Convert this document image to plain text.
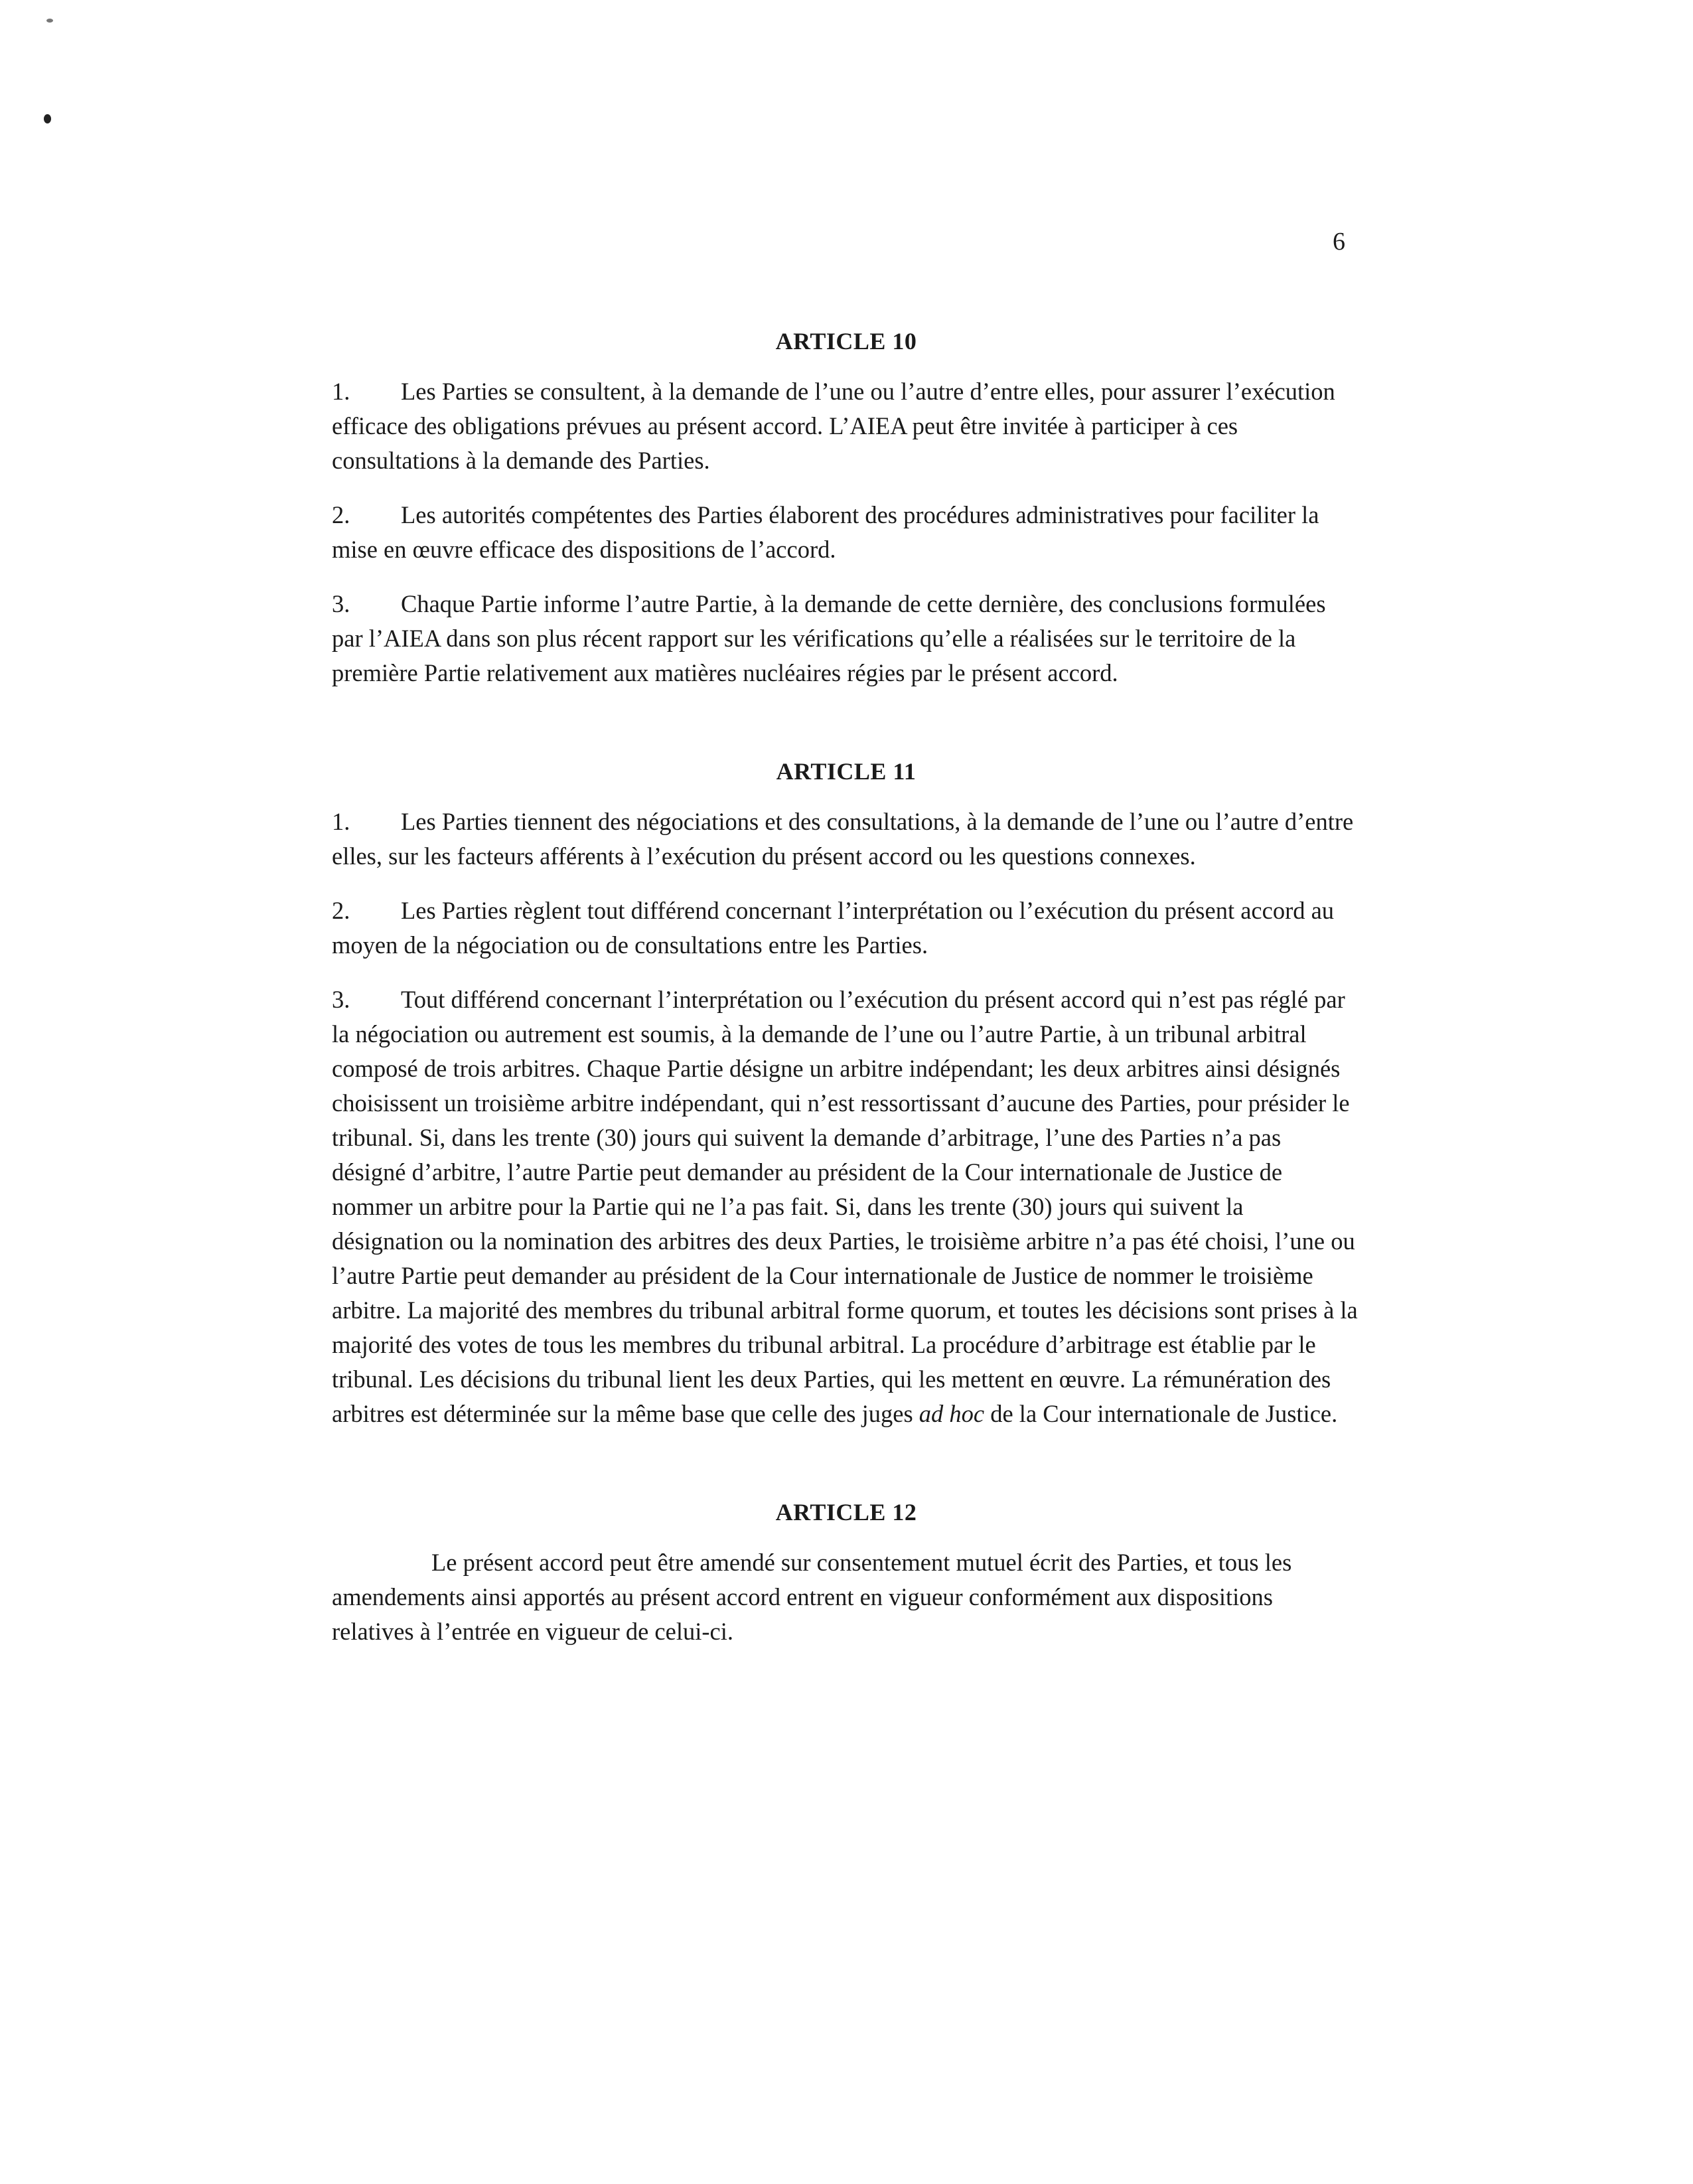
6
ARTICLE 10

1. Les Parties se consultent, à la demande de l’une ou l’autre d’entre elles, pour assurer l’exécution efficace des obligations prévues au présent accord. L’AIEA peut être invitée à participer à ces consultations à la demande des Parties.

2. Les autorités compétentes des Parties élaborent des procédures administratives pour faciliter la mise en œuvre efficace des dispositions de l’accord.

3. Chaque Partie informe l’autre Partie, à la demande de cette dernière, des conclusions formulées par l’AIEA dans son plus récent rapport sur les vérifications qu’elle a réalisées sur le territoire de la première Partie relativement aux matières nucléaires régies par le présent accord.

ARTICLE 11

1. Les Parties tiennent des négociations et des consultations, à la demande de l’une ou l’autre d’entre elles, sur les facteurs afférents à l’exécution du présent accord ou les questions connexes.

2. Les Parties règlent tout différend concernant l’interprétation ou l’exécution du présent accord au moyen de la négociation ou de consultations entre les Parties.

3. Tout différend concernant l’interprétation ou l’exécution du présent accord qui n’est pas réglé par la négociation ou autrement est soumis, à la demande de l’une ou l’autre Partie, à un tribunal arbitral composé de trois arbitres. Chaque Partie désigne un arbitre indépendant; les deux arbitres ainsi désignés choisissent un troisième arbitre indépendant, qui n’est ressortissant d’aucune des Parties, pour présider le tribunal. Si, dans les trente (30) jours qui suivent la demande d’arbitrage, l’une des Parties n’a pas désigné d’arbitre, l’autre Partie peut demander au président de la Cour internationale de Justice de nommer un arbitre pour la Partie qui ne l’a pas fait. Si, dans les trente (30) jours qui suivent la désignation ou la nomination des arbitres des deux Parties, le troisième arbitre n’a pas été choisi, l’une ou l’autre Partie peut demander au président de la Cour internationale de Justice de nommer le troisième arbitre. La majorité des membres du tribunal arbitral forme quorum, et toutes les décisions sont prises à la majorité des votes de tous les membres du tribunal arbitral. La procédure d’arbitrage est établie par le tribunal. Les décisions du tribunal lient les deux Parties, qui les mettent en œuvre. La rémunération des arbitres est déterminée sur la même base que celle des juges ad hoc de la Cour internationale de Justice.

ARTICLE 12

Le présent accord peut être amendé sur consentement mutuel écrit des Parties, et tous les amendements ainsi apportés au présent accord entrent en vigueur conformément aux dispositions relatives à l’entrée en vigueur de celui-ci.
